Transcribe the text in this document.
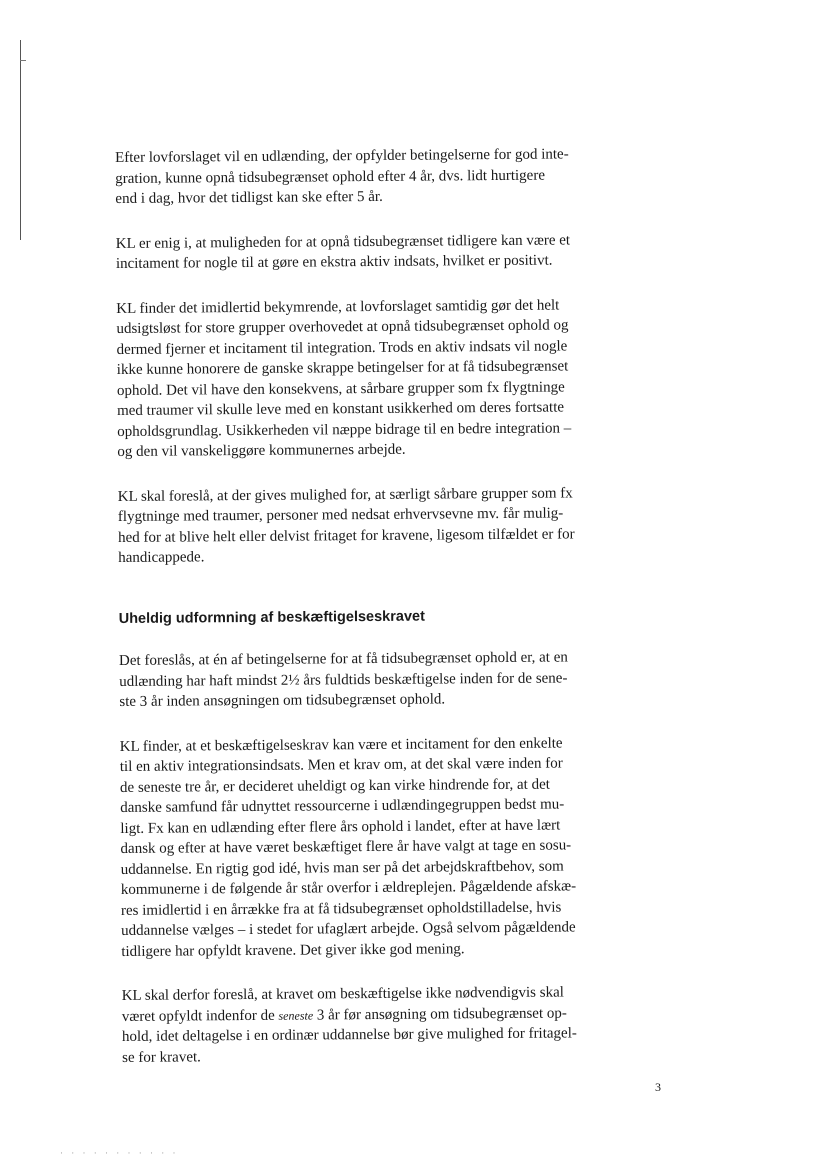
Efter lovforslaget vil en udlænding, der opfylder betingelserne for god inte-
gration, kunne opnå tidsubegrænset ophold efter 4 år, dvs. lidt hurtigere
end i dag, hvor det tidligst kan ske efter 5 år.

KL er enig i, at muligheden for at opnå tidsubegrænset tidligere kan være et
incitament for nogle til at gøre en ekstra aktiv indsats, hvilket er positivt.

KL finder det imidlertid bekymrende, at lovforslaget samtidig gør det helt
udsigtsløst for store grupper overhovedet at opnå tidsubegrænset ophold og
dermed fjerner et incitament til integration. Trods en aktiv indsats vil nogle
ikke kunne honorere de ganske skrappe betingelser for at få tidsubegrænset
ophold. Det vil have den konsekvens, at sårbare grupper som fx flygtninge
med traumer vil skulle leve med en konstant usikkerhed om deres fortsatte
opholdsgrundlag. Usikkerheden vil næppe bidrage til en bedre integration –
og den vil vanskeliggøre kommunernes arbejde.

KL skal foreslå, at der gives mulighed for, at særligt sårbare grupper som fx
flygtninge med traumer, personer med nedsat erhvervsevne mv. får mulig-
hed for at blive helt eller delvist fritaget for kravene, ligesom tilfældet er for
handicappede.

Uheldig udformning af beskæftigelseskravet

Det foreslås, at én af betingelserne for at få tidsubegrænset ophold er, at en
udlænding har haft mindst 2½ års fuldtids beskæftigelse inden for de sene-
ste 3 år inden ansøgningen om tidsubegrænset ophold.

KL finder, at et beskæftigelseskrav kan være et incitament for den enkelte
til en aktiv integrationsindsats. Men et krav om, at det skal være inden for
de seneste tre år, er decideret uheldigt og kan virke hindrende for, at det
danske samfund får udnyttet ressourcerne i udlændingegruppen bedst mu-
ligt. Fx kan en udlænding efter flere års ophold i landet, efter at have lært
dansk og efter at have været beskæftiget flere år have valgt at tage en sosu-
uddannelse. En rigtig god idé, hvis man ser på det arbejdskraftbehov, som
kommunerne i de følgende år står overfor i ældreplejen. Pågældende afskæ-
res imidlertid i en årrække fra at få tidsubegrænset opholdstilladelse, hvis
uddannelse vælges – i stedet for ufaglært arbejde. Også selvom pågældende
tidligere har opfyldt kravene. Det giver ikke god mening.

KL skal derfor foreslå, at kravet om beskæftigelse ikke nødvendigvis skal
været opfyldt indenfor de seneste 3 år før ansøgning om tidsubegrænset op-
hold, idet deltagelse i en ordinær uddannelse bør give mulighed for fritagel-
se for kravet.

3
· · · · · · · · · · ·
